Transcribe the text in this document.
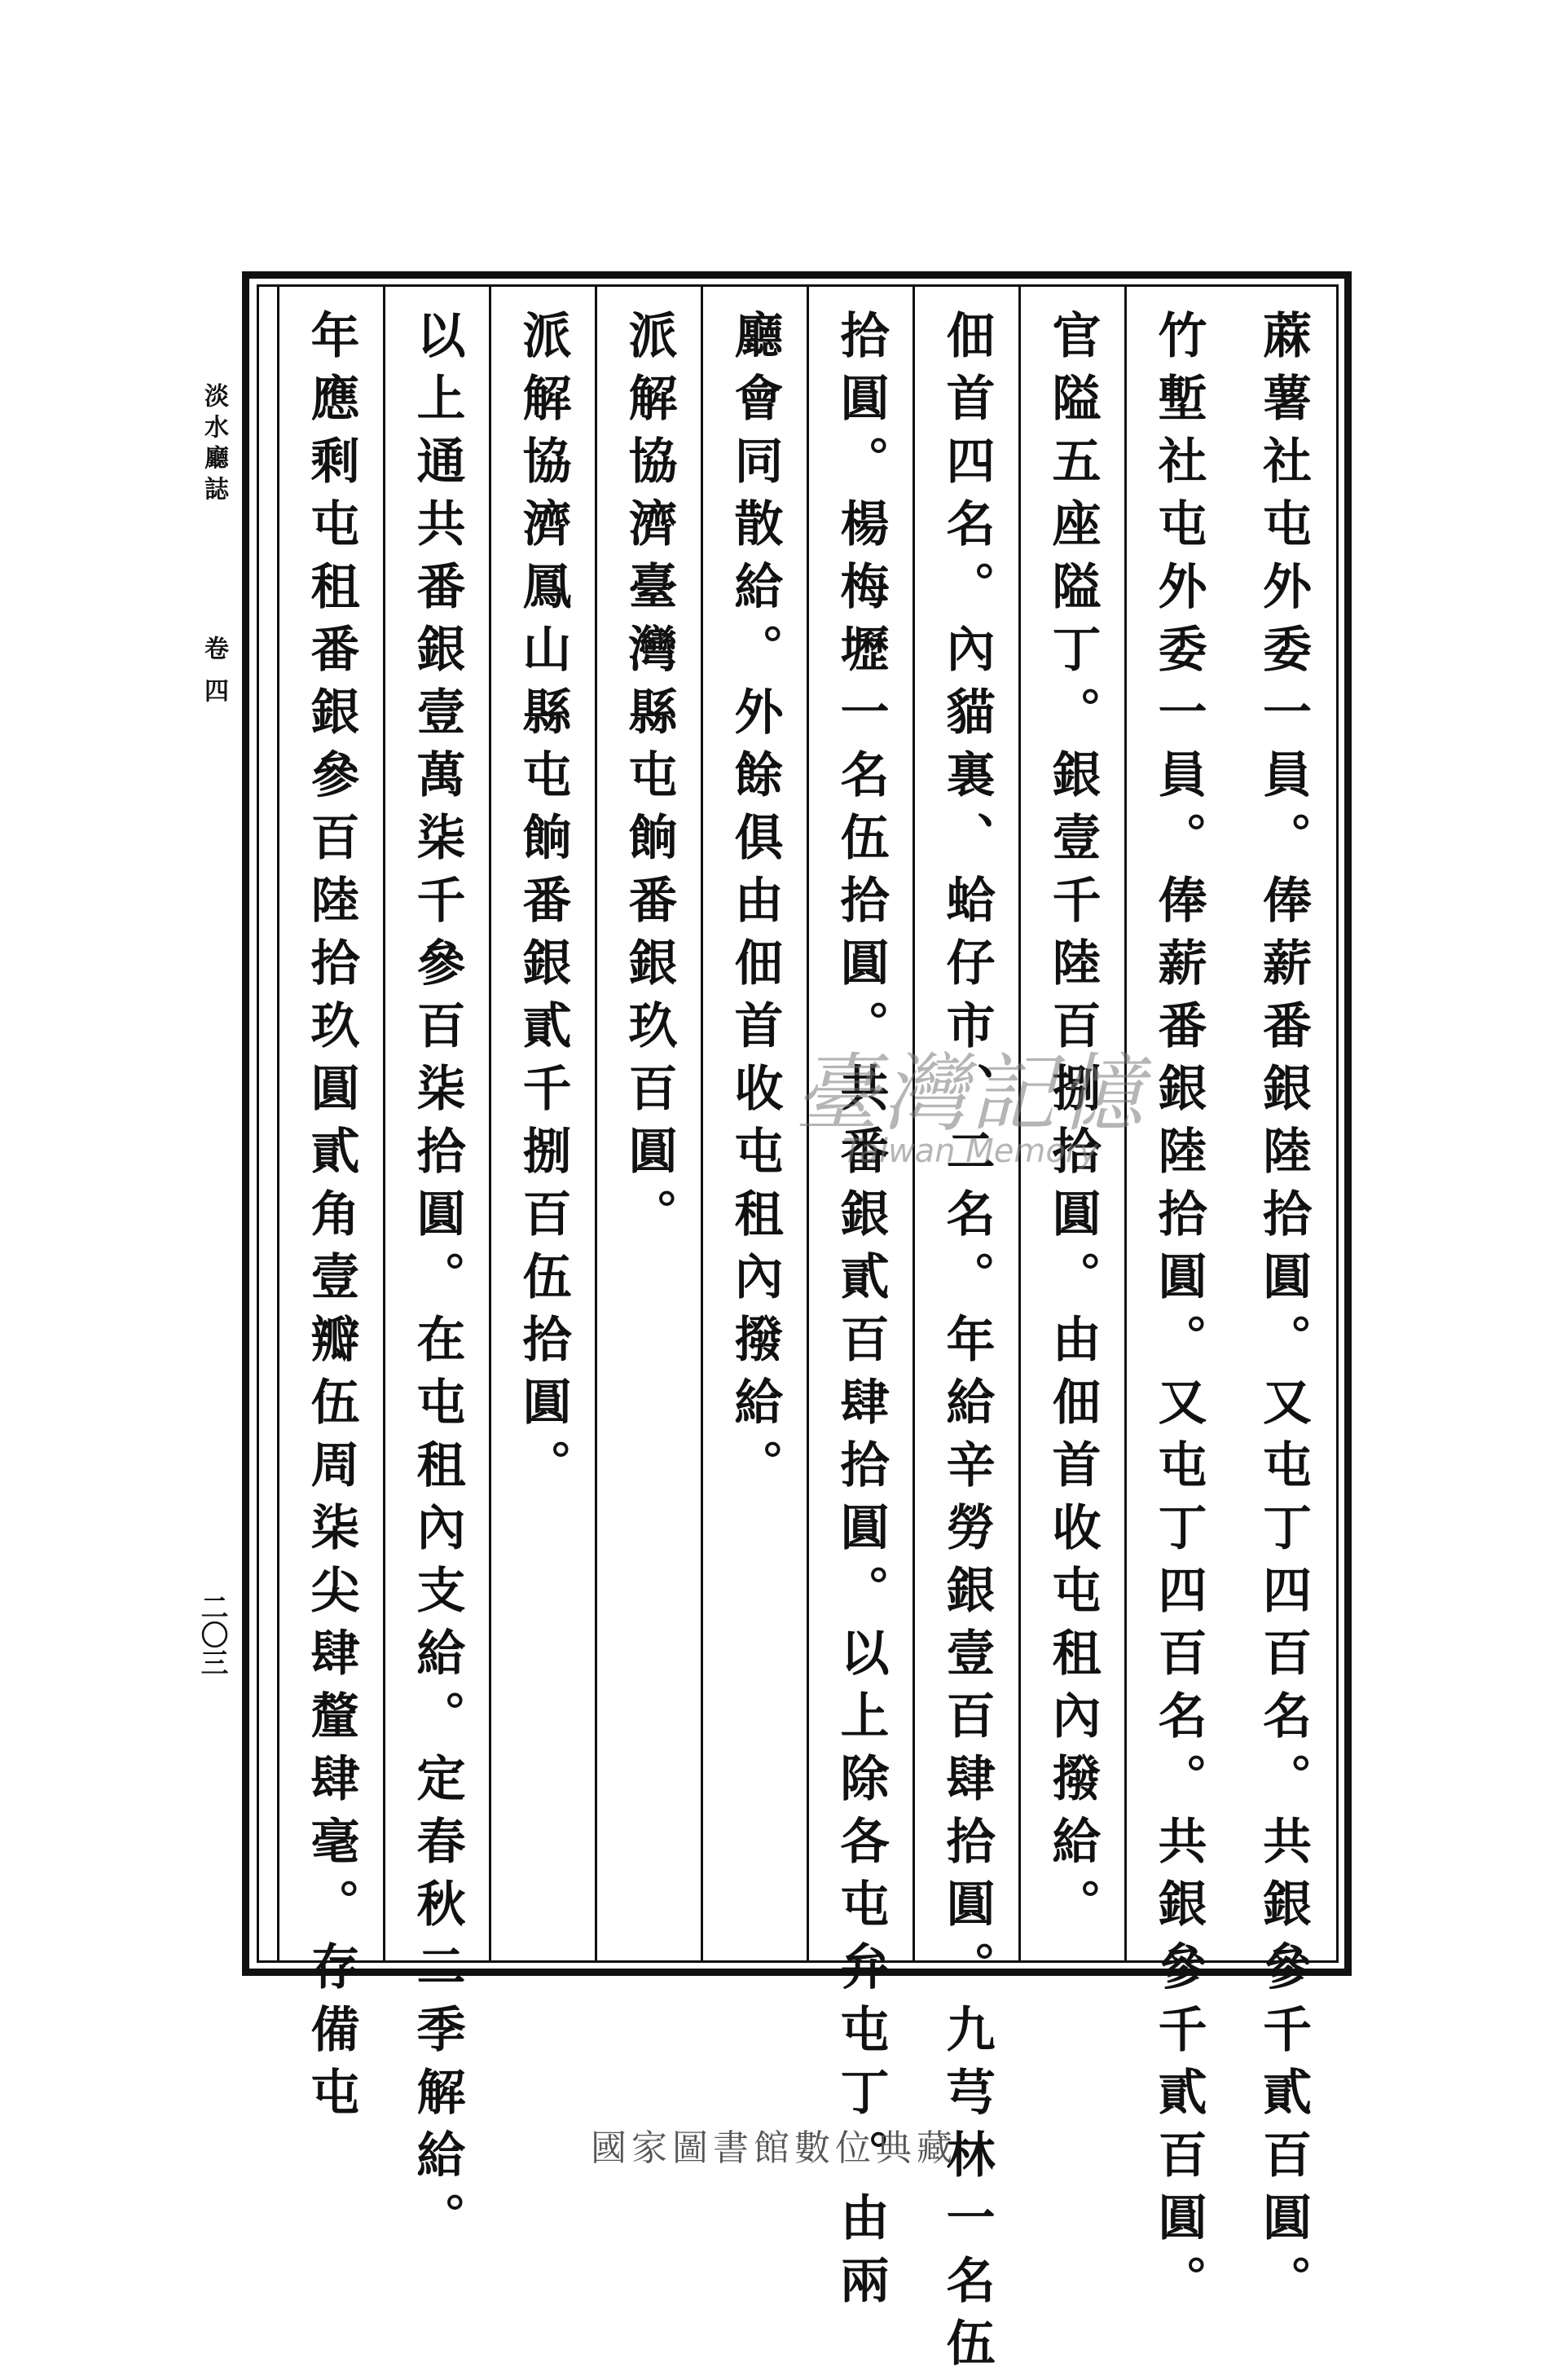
蔴薯社屯外委一員。俸薪番銀陸拾圓。又屯丁四百名。共銀參千貳百圓。
竹塹社屯外委一員。俸薪番銀陸拾圓。又屯丁四百名。共銀參千貳百圓。
官隘五座隘丁。銀壹千陸百捌拾圓。由佃首收屯租內撥給。
佃首四名。內貓裏、蛤仔市、二名。年給辛勞銀壹百肆拾圓。九芎林一名伍
拾圓。楊梅壢一名伍拾圓。共番銀貳百肆拾圓。以上除各屯弁屯丁。由兩
廳會同散給。外餘俱由佃首收屯租內撥給。
派解協濟臺灣縣屯餉番銀玖百圓。
派解協濟鳳山縣屯餉番銀貳千捌百伍拾圓。
以上通共番銀壹萬柒千參百柒拾圓。在屯租內支給。定春秋二季解給。
年應剩屯租番銀參百陸拾玖圓貳角壹瓣伍周柒尖肆釐肆毫。存備屯
淡水廳誌
卷四
二〇三
臺灣記憶
Taiwan Memory
國家圖書館數位典藏
